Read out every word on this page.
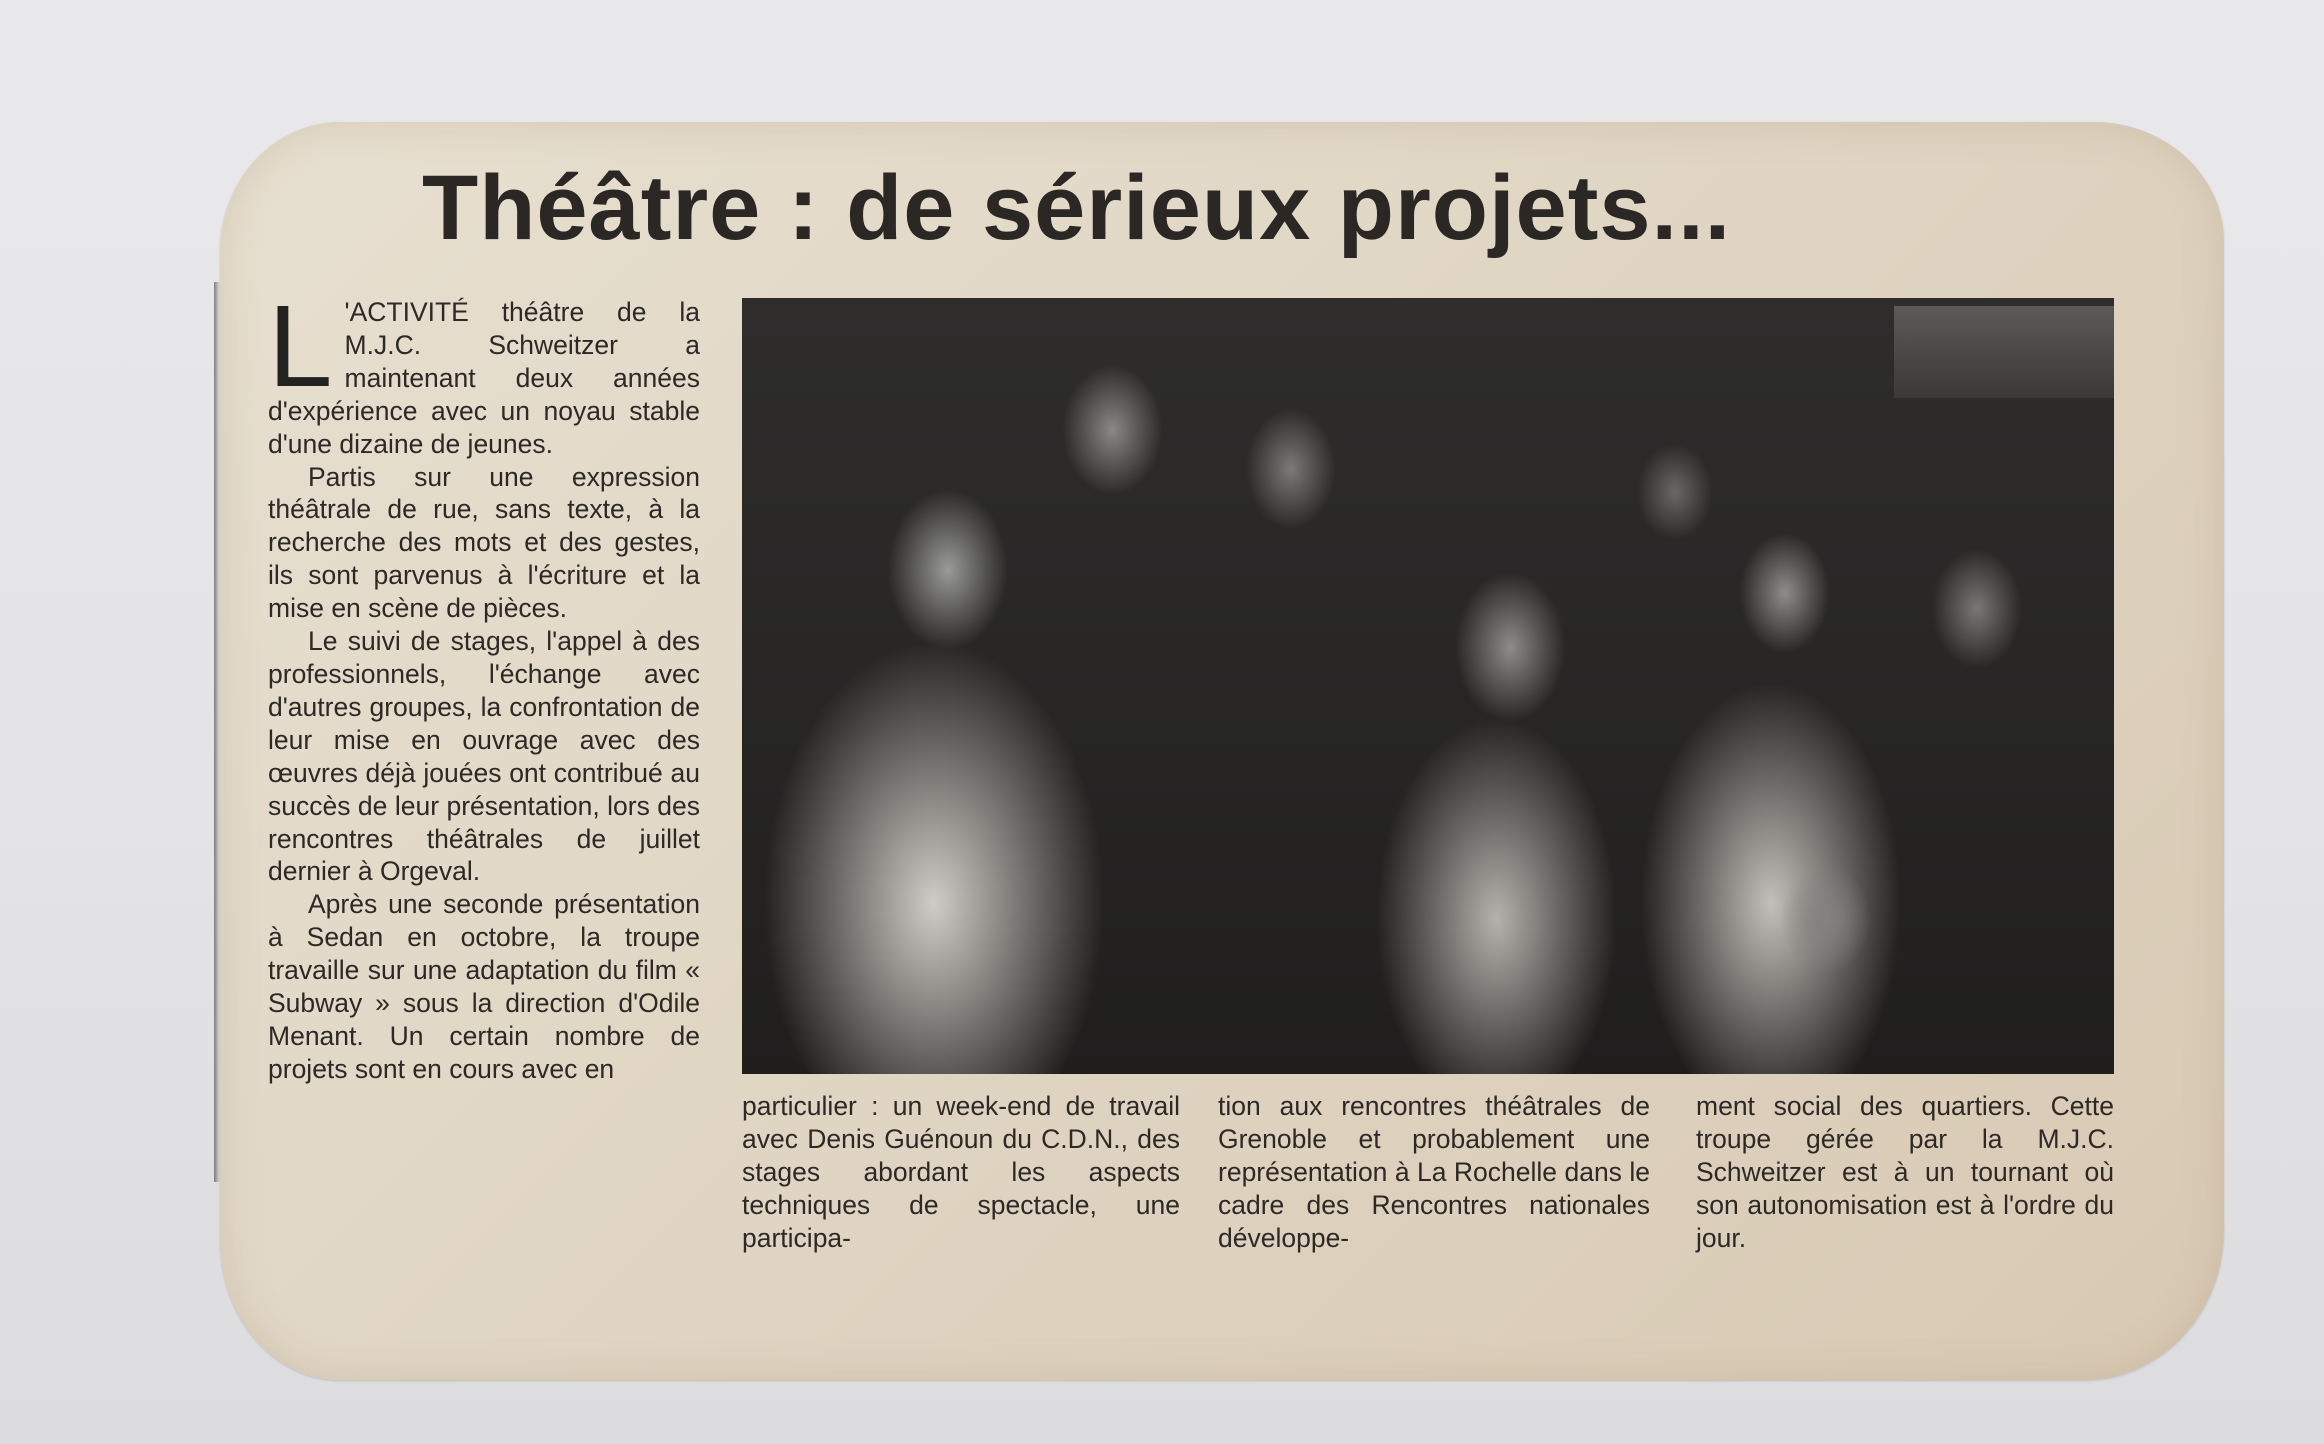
Théâtre : de sérieux projets...
L 'ACTIVITÉ théâtre de la M.J.C. Schweitzer a maintenant deux années d'expérience avec un noyau stable d'une dizaine de jeunes.

Partis sur une expression théâtrale de rue, sans texte, à la recherche des mots et des gestes, ils sont parvenus à l'écriture et la mise en scène de pièces.

Le suivi de stages, l'appel à des professionnels, l'échange avec d'autres groupes, la confrontation de leur mise en ouvrage avec des œuvres déjà jouées ont contribué au succès de leur présentation, lors des rencontres théâtrales de juillet dernier à Orgeval.

Après une seconde présentation à Sedan en octobre, la troupe travaille sur une adaptation du film « Subway » sous la direction d'Odile Menant. Un certain nombre de projets sont en cours avec en

particulier : un week-end de travail avec Denis Guénoun du C.D.N., des stages abordant les aspects techniques de spectacle, une participa-

tion aux rencontres théâtrales de Grenoble et probablement une représentation à La Rochelle dans le cadre des Rencontres nationales développe-

ment social des quartiers. Cette troupe gérée par la M.J.C. Schweitzer est à un tournant où son autonomisation est à l'ordre du jour.
